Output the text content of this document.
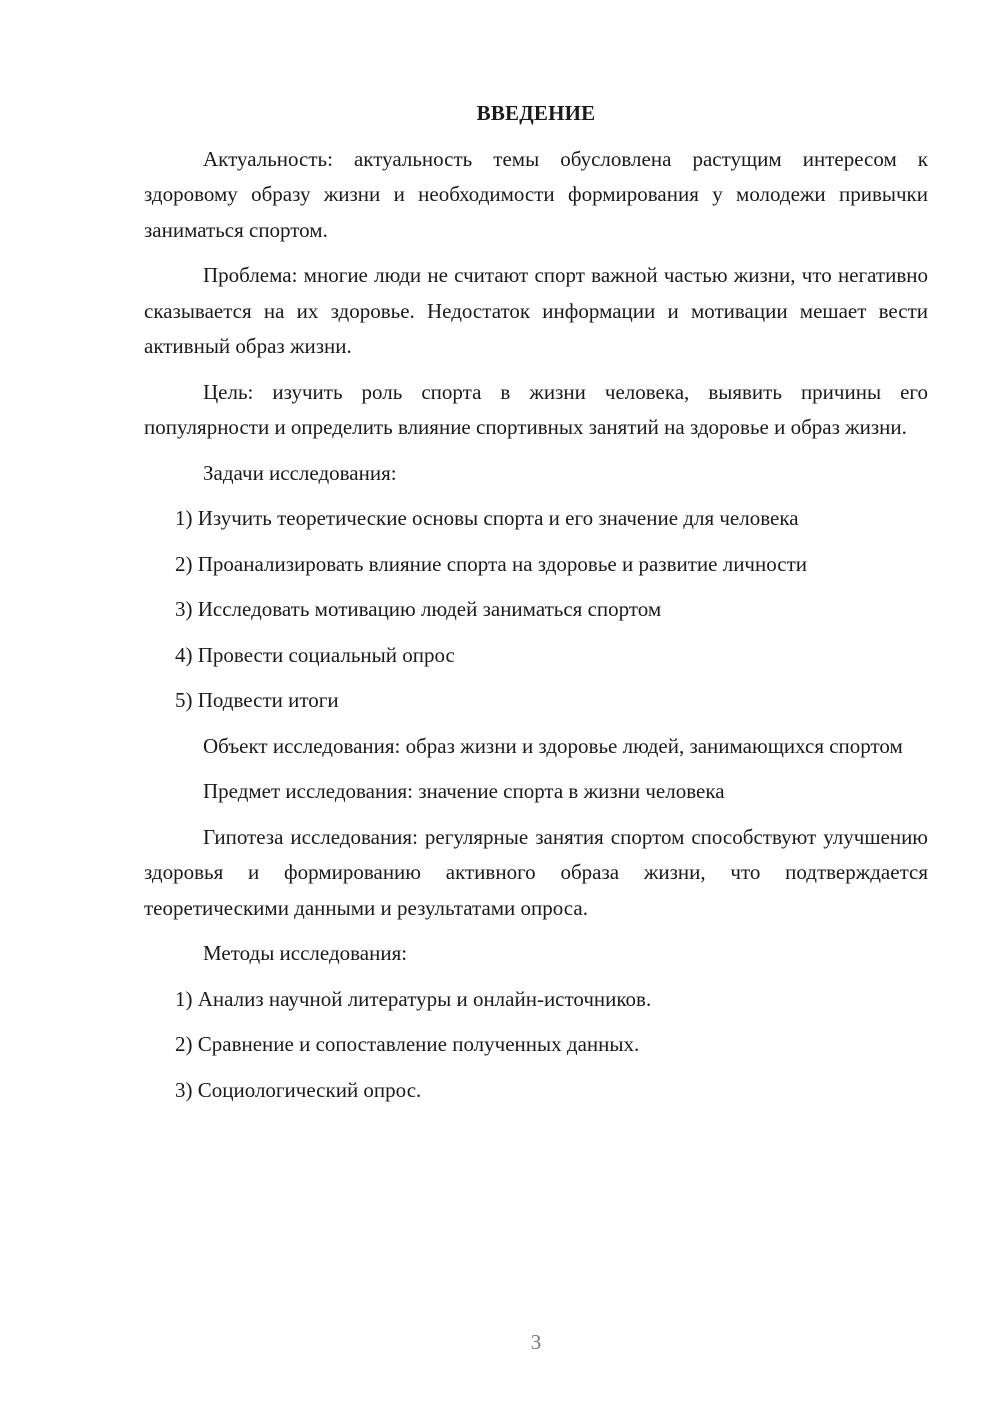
ВВЕДЕНИЕ
Актуальность: актуальность темы обусловлена растущим интересом к здоровому образу жизни и необходимости формирования у молодежи привычки заниматься спортом.
Проблема: многие люди не считают спорт важной частью жизни, что негативно сказывается на их здоровье. Недостаток информации и мотивации мешает вести активный образ жизни.
Цель: изучить роль спорта в жизни человека, выявить причины его популярности и определить влияние спортивных занятий на здоровье и образ жизни.
Задачи исследования:
1) Изучить теоретические основы спорта и его значение для человека
2) Проанализировать влияние спорта на здоровье и развитие личности
3) Исследовать мотивацию людей заниматься спортом
4) Провести социальный опрос
5) Подвести итоги
Объект исследования: образ жизни и здоровье людей, занимающихся спортом
Предмет исследования: значение спорта в жизни человека
Гипотеза исследования: регулярные занятия спортом способствуют улучшению здоровья и формированию активного образа жизни, что подтверждается теоретическими данными и результатами опроса.
Методы исследования:
1) Анализ научной литературы и онлайн-источников.
2) Сравнение и сопоставление полученных данных.
3) Социологический опрос.
3
